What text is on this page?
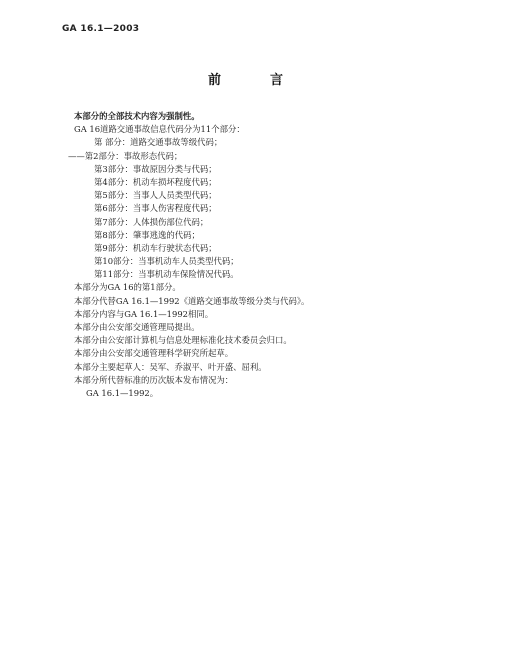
GA 16.1—2003
前　言
本部分的全部技术内容为强制性。
GA 16道路交通事故信息代码分为11个部分：
第 部分：道路交通事故等级代码；
——第2部分：事故形态代码；
第3部分：事故原因分类与代码；
第4部分：机动车损坏程度代码；
第5部分：当事人人员类型代码；
第6部分：当事人伤害程度代码；
第7部分：人体损伤部位代码；
第8部分：肇事逃逸的代码；
第9部分：机动车行驶状态代码；
第10部分：当事机动车人员类型代码；
第11部分：当事机动车保险情况代码。
本部分为GA 16的第1部分。
本部分代替GA 16.1—1992《道路交通事故等级分类与代码》。
本部分内容与GA 16.1—1992相同。
本部分由公安部交通管理局提出。
本部分由公安部计算机与信息处理标准化技术委员会归口。
本部分由公安部交通管理科学研究所起草。
本部分主要起草人：吴军、乔淑平、叶开盛、屈利。
本部分所代替标准的历次版本发布情况为：
GA 16.1—1992。
